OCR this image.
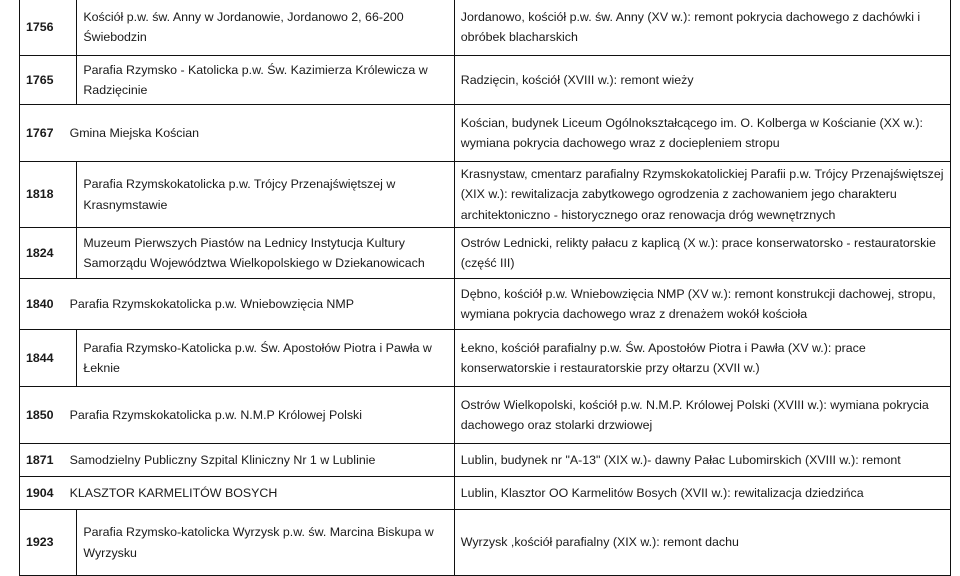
1756	Kościół p.w. św. Anny w Jordanowie, Jordanowo 2, 66-200 Świebodzin	Jordanowo, kościół p.w. św. Anny (XV w.): remont pokrycia dachowego z dachówki i obróbek blacharskich
1765	Parafia Rzymsko - Katolicka p.w. Św. Kazimierza Królewicza w Radzięcinie	Radzięcin, kościół (XVIII w.): remont wieży
1767 Gmina Miejska Kościan		Kościan, budynek Liceum Ogólnokształcącego im. O. Kolberga w Kościanie (XX w.): wymiana pokrycia dachowego wraz z dociepleniem stropu
1818	Parafia Rzymskokatolicka p.w. Trójcy Przenajświętszej w Krasnymstawie	Krasnystaw, cmentarz parafialny Rzymskokatolickiej Parafii p.w. Trójcy Przenajświętszej (XIX w.): rewitalizacja zabytkowego ogrodzenia z zachowaniem jego charakteru architektoniczno - historycznego oraz renowacja dróg wewnętrznych
1824	Muzeum Pierwszych Piastów na Lednicy Instytucja Kultury Samorządu Województwa Wielkopolskiego w Dziekanowicach	Ostrów Lednicki, relikty pałacu z kaplicą (X w.): prace konserwatorsko - restauratorskie (część III)
1840 Parafia Rzymskokatolicka p.w. Wniebowzięcia NMP		Dębno, kościół p.w. Wniebowzięcia NMP (XV w.): remont konstrukcji dachowej, stropu, wymiana pokrycia dachowego wraz z drenażem wokół kościoła
1844	Parafia Rzymsko-Katolicka p.w. Św. Apostołów Piotra i Pawła w Łeknie	Łekno, kościół parafialny p.w. Św. Apostołów Piotra i Pawła (XV w.): prace konserwatorskie i restauratorskie przy ołtarzu (XVII w.)
1850 Parafia Rzymskokatolicka p.w. N.M.P Królowej Polski		Ostrów Wielkopolski, kościół p.w. N.M.P. Królowej Polski (XVIII w.): wymiana pokrycia dachowego oraz stolarki drzwiowej
1871 Samodzielny Publiczny Szpital Kliniczny Nr 1 w Lublinie		Lublin, budynek nr "A-13" (XIX w.)- dawny Pałac Lubomirskich (XVIII w.): remont
1904 KLASZTOR KARMELITÓW BOSYCH		Lublin, Klasztor OO Karmelitów Bosych (XVII w.): rewitalizacja dziedzińca
1923	Parafia Rzymsko-katolicka Wyrzysk p.w. św. Marcina Biskupa w Wyrzysku	Wyrzysk ,kościół parafialny (XIX w.): remont dachu
